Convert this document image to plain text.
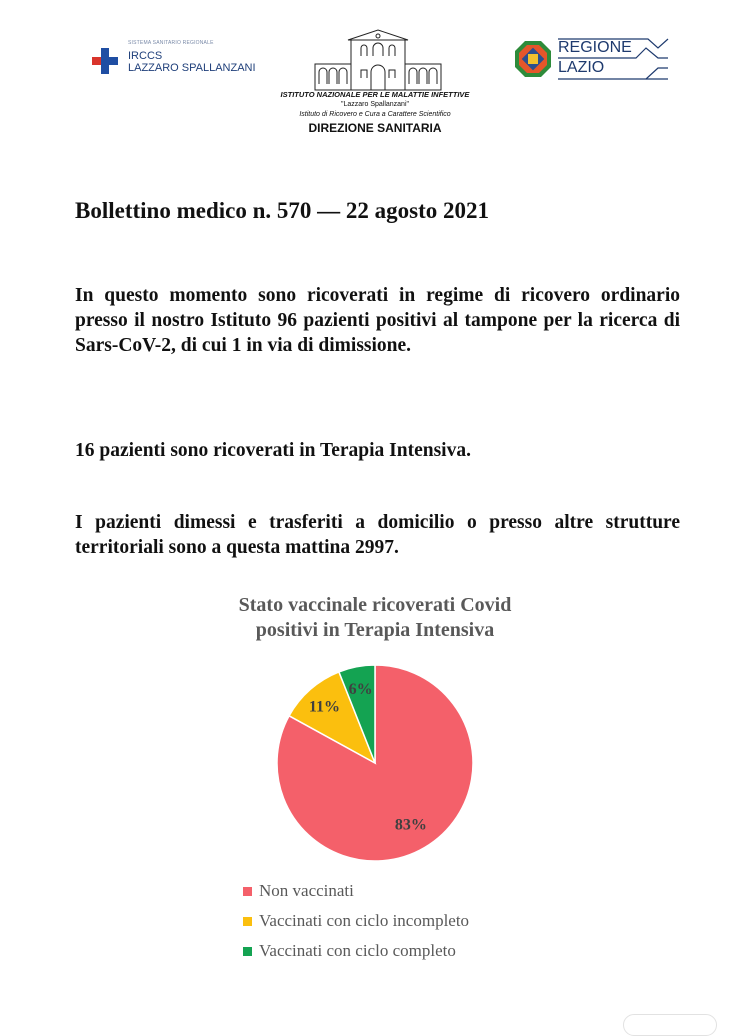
SISTEMA SANITARIO REGIONALE
IRCCS
LAZZARO SPALLANZANI
ISTITUTO NAZIONALE PER LE MALATTIE INFETTIVE
"Lazzaro Spallanzani"
Istituto di Ricovero e Cura a Carattere Scientifico
DIREZIONE SANITARIA
REGIONE
LAZIO
Bollettino medico n. 570 — 22 agosto 2021
In questo momento sono ricoverati in regime di ricovero ordinario presso il nostro Istituto 96 pazienti positivi al tampone per la ricerca di Sars-CoV-2, di cui 1 in via di dimissione.
16 pazienti sono ricoverati in Terapia Intensiva.
I pazienti dimessi e trasferiti a domicilio o presso altre strutture territoriali sono a questa mattina 2997.
Stato vaccinale ricoverati Covid
positivi in Terapia Intensiva
83%
11%
6%
Non vaccinati
Vaccinati con ciclo incompleto
Vaccinati con ciclo completo
